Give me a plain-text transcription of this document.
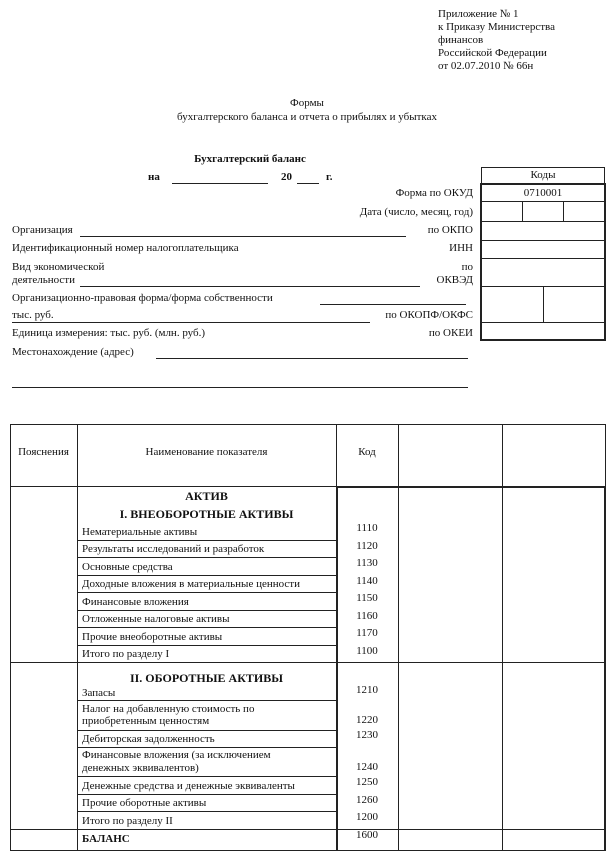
Приложение № 1
к Приказу Министерства
финансов
Российской Федерации
от 02.07.2010 № 66н
Формы
бухгалтерского баланса и отчета о прибылях и убытках
Бухгалтерский баланс
на	20	г.	Коды
0710001
Форма по ОКУД
Дата (число, месяц, год)
Организация	по ОКПО
Идентификационный номер налогоплательщика	ИНН
Вид экономической
деятельности
по
ОКВЭД
Организационно-правовая форма/форма собственности
тыс. руб.	по ОКОПФ/ОКФС
Единица измерения: тыс. руб. (млн. руб.)	по ОКЕИ
Местонахождение (адрес)
Пояснения	Наименование показателя	Код
АКТИВ
I. ВНЕОБОРОТНЫЕ АКТИВЫ
II. ОБОРОТНЫЕ АКТИВЫ
Нематериальные активы	1110
Результаты исследований и разработок	1120
Основные средства	1130
Доходные вложения в материальные ценности	1140
Финансовые вложения	1150
Отложенные налоговые активы	1160
Прочие внеоборотные активы	1170
Итого по разделу I	1100
Запасы	1210
Налог на добавленную стоимость по
приобретенным ценностям	1220
Дебиторская задолженность	1230
Финансовые вложения (за исключением
денежных эквивалентов)	1240
Денежные средства и денежные эквиваленты	1250
Прочие оборотные активы	1260
Итого по разделу II	1200
БАЛАНС	1600
